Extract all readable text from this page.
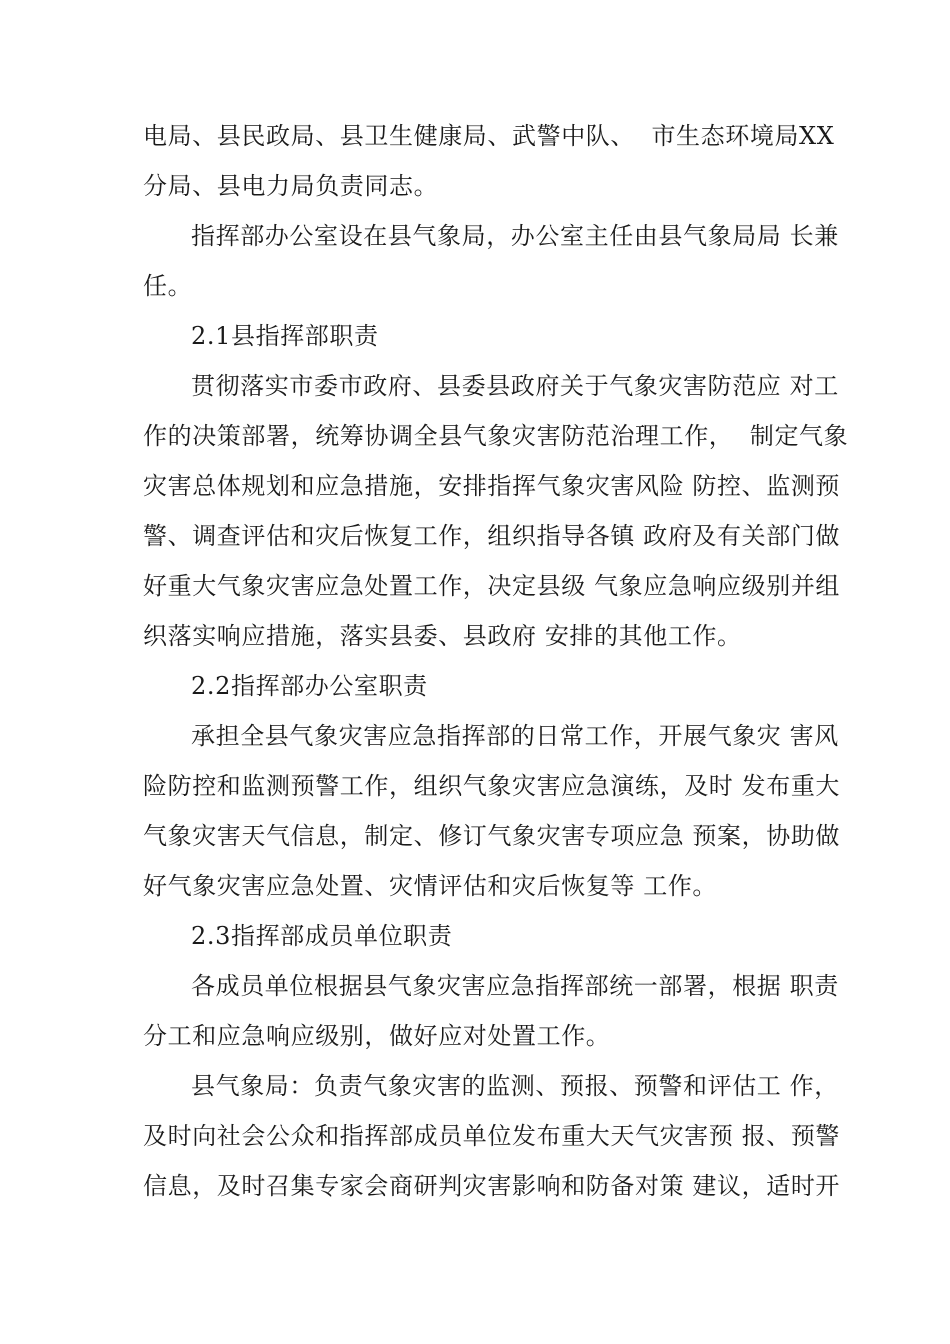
电局、县民政局、县卫生健康局、武警中队、  市生态环境局XX
分局、县电力局负责同志。
指挥部办公室设在县气象局，办公室主任由县气象局局 长兼
任。
2.1县指挥部职责
贯彻落实市委市政府、县委县政府关于气象灾害防范应 对工
作的决策部署，统筹协调全县气象灾害防范治理工作，  制定气象
灾害总体规划和应急措施，安排指挥气象灾害风险 防控、监测预
警、调查评估和灾后恢复工作，组织指导各镇 政府及有关部门做
好重大气象灾害应急处置工作，决定县级 气象应急响应级别并组
织落实响应措施，落实县委、县政府 安排的其他工作。
2.2指挥部办公室职责
承担全县气象灾害应急指挥部的日常工作，开展气象灾 害风
险防控和监测预警工作，组织气象灾害应急演练，及时 发布重大
气象灾害天气信息，制定、修订气象灾害专项应急 预案，协助做
好气象灾害应急处置、灾情评估和灾后恢复等 工作。
2.3指挥部成员单位职责
各成员单位根据县气象灾害应急指挥部统一部署，根据 职责
分工和应急响应级别，做好应对处置工作。
县气象局：负责气象灾害的监测、预报、预警和评估工 作，
及时向社会公众和指挥部成员单位发布重大天气灾害预 报、预警
信息，及时召集专家会商研判灾害影响和防备对策 建议，适时开
